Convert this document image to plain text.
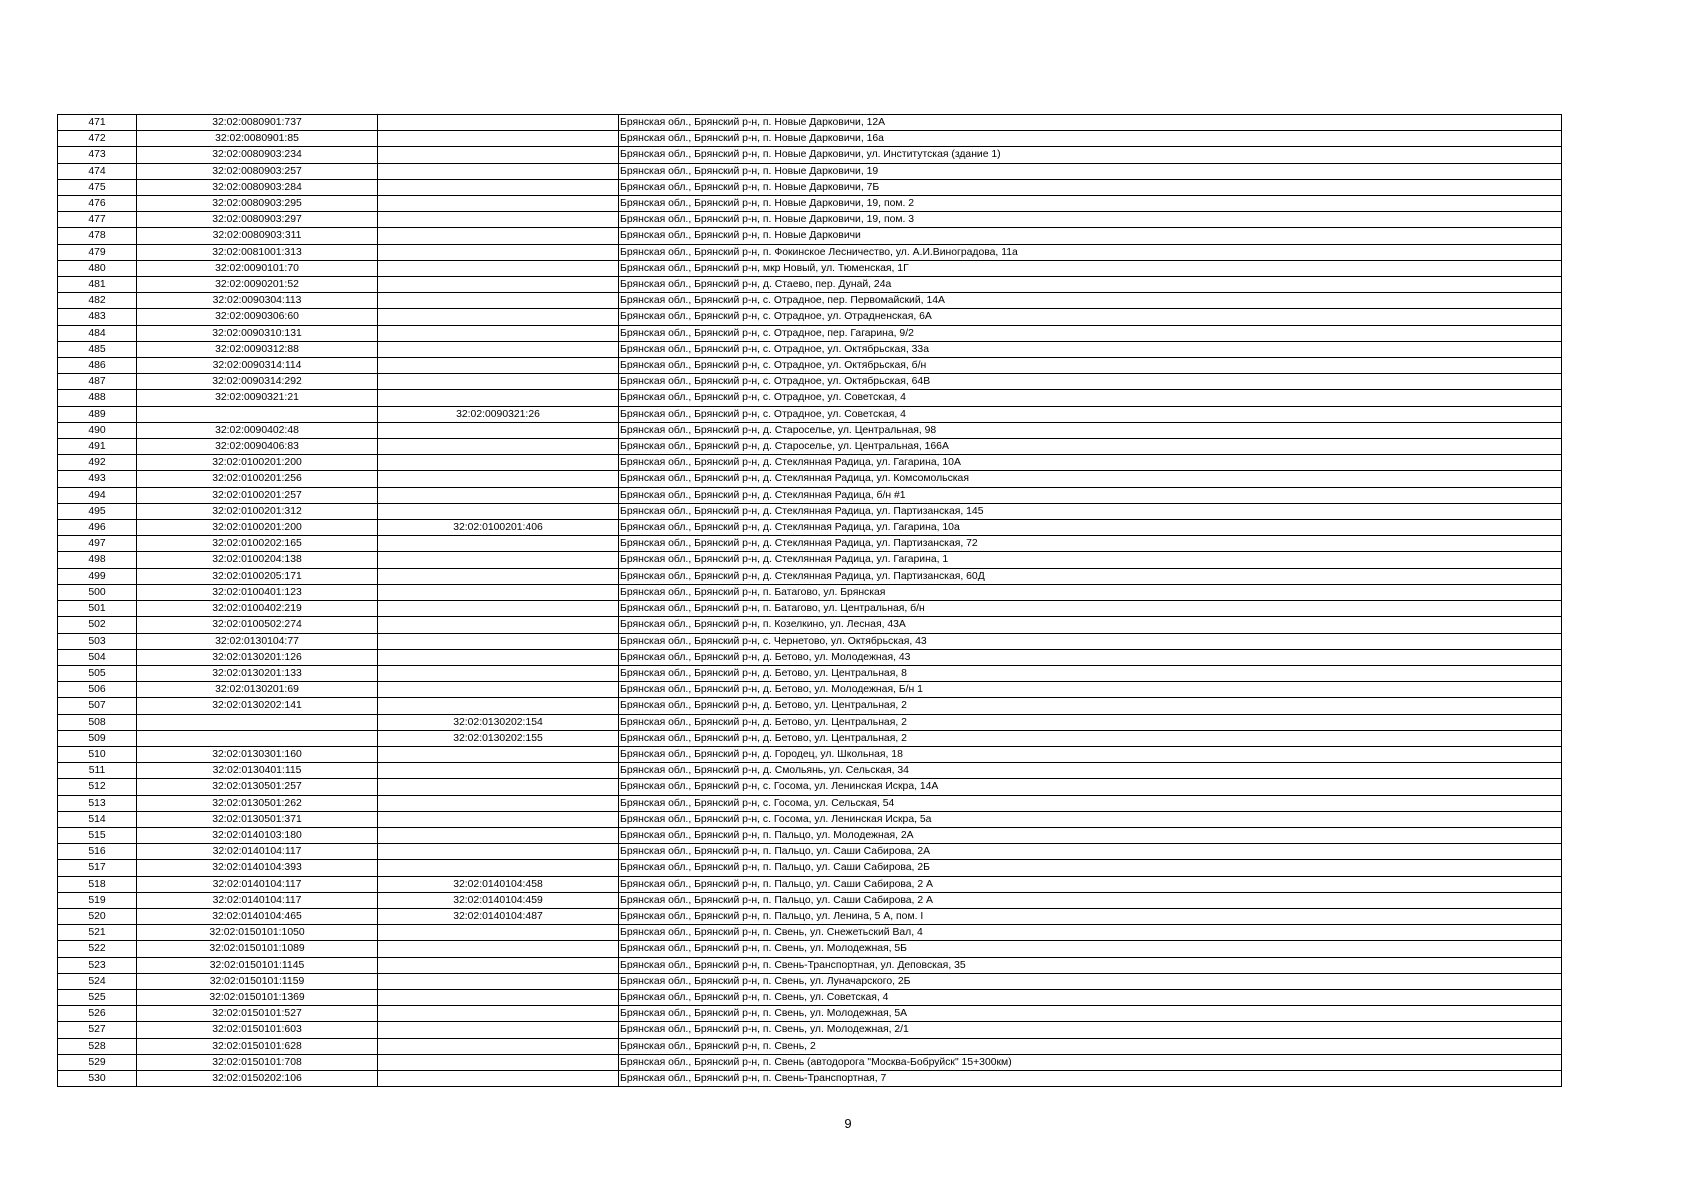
471	32:02:0080901:737		Брянская обл., Брянский р-н, п. Новые Дарковичи, 12А
472	32:02:0080901:85		Брянская обл., Брянский р-н, п. Новые Дарковичи, 16а
473	32:02:0080903:234		Брянская обл., Брянский р-н, п. Новые Дарковичи, ул. Институтская (здание 1)
474	32:02:0080903:257		Брянская обл., Брянский р-н, п. Новые Дарковичи, 19
475	32:02:0080903:284		Брянская обл., Брянский р-н, п. Новые Дарковичи, 7Б
476	32:02:0080903:295		Брянская обл., Брянский р-н, п. Новые Дарковичи, 19, пом. 2
477	32:02:0080903:297		Брянская обл., Брянский р-н, п. Новые Дарковичи, 19, пом. 3
478	32:02:0080903:311		Брянская обл., Брянский р-н, п. Новые Дарковичи
479	32:02:0081001:313		Брянская обл., Брянский р-н, п. Фокинское Лесничество, ул. А.И.Виноградова, 11а
480	32:02:0090101:70		Брянская обл., Брянский р-н, мкр Новый, ул. Тюменская, 1Г
481	32:02:0090201:52		Брянская обл., Брянский р-н, д. Стаево, пер. Дунай, 24а
482	32:02:0090304:113		Брянская обл., Брянский р-н, с. Отрадное, пер. Первомайский, 14А
483	32:02:0090306:60		Брянская обл., Брянский р-н, с. Отрадное, ул. Отрадненская, 6А
484	32:02:0090310:131		Брянская обл., Брянский р-н, с. Отрадное, пер. Гагарина, 9/2
485	32:02:0090312:88		Брянская обл., Брянский р-н, с. Отрадное, ул. Октябрьская, 33а
486	32:02:0090314:114		Брянская обл., Брянский р-н, с. Отрадное, ул. Октябрьская, б/н
487	32:02:0090314:292		Брянская обл., Брянский р-н, с. Отрадное, ул. Октябрьская, 64В
488	32:02:0090321:21		Брянская обл., Брянский р-н, с. Отрадное, ул. Советская, 4
489		32:02:0090321:26	Брянская обл., Брянский р-н, с. Отрадное, ул. Советская, 4
490	32:02:0090402:48		Брянская обл., Брянский р-н, д. Староселье, ул. Центральная, 98
491	32:02:0090406:83		Брянская обл., Брянский р-н, д. Староселье, ул. Центральная, 166А
492	32:02:0100201:200		Брянская обл., Брянский р-н, д. Стеклянная Радица, ул. Гагарина, 10А
493	32:02:0100201:256		Брянская обл., Брянский р-н, д. Стеклянная Радица, ул. Комсомольская
494	32:02:0100201:257		Брянская обл., Брянский р-н, д. Стеклянная Радица, б/н #1
495	32:02:0100201:312		Брянская обл., Брянский р-н, д. Стеклянная Радица, ул. Партизанская, 145
496	32:02:0100201:200	32:02:0100201:406	Брянская обл., Брянский р-н, д. Стеклянная Радица, ул. Гагарина, 10а
497	32:02:0100202:165		Брянская обл., Брянский р-н, д. Стеклянная Радица, ул. Партизанская, 72
498	32:02:0100204:138		Брянская обл., Брянский р-н, д. Стеклянная Радица, ул. Гагарина, 1
499	32:02:0100205:171		Брянская обл., Брянский р-н, д. Стеклянная Радица, ул. Партизанская, 60Д
500	32:02:0100401:123		Брянская обл., Брянский р-н, п. Батагово, ул. Брянская
501	32:02:0100402:219		Брянская обл., Брянский р-н, п. Батагово, ул. Центральная, б/н
502	32:02:0100502:274		Брянская обл., Брянский р-н, п. Козелкино, ул. Лесная, 43А
503	32:02:0130104:77		Брянская обл., Брянский р-н, с. Чернетово, ул. Октябрьская, 43
504	32:02:0130201:126		Брянская обл., Брянский р-н, д. Бетово, ул. Молодежная, 43
505	32:02:0130201:133		Брянская обл., Брянский р-н, д. Бетово, ул. Центральная, 8
506	32:02:0130201:69		Брянская обл., Брянский р-н, д. Бетово, ул. Молодежная, Б/н 1
507	32:02:0130202:141		Брянская обл., Брянский р-н, д. Бетово, ул. Центральная, 2
508		32:02:0130202:154	Брянская обл., Брянский р-н, д. Бетово, ул. Центральная, 2
509		32:02:0130202:155	Брянская обл., Брянский р-н, д. Бетово, ул. Центральная, 2
510	32:02:0130301:160		Брянская обл., Брянский р-н, д. Городец, ул. Школьная, 18
511	32:02:0130401:115		Брянская обл., Брянский р-н, д. Смольянь, ул. Сельская, 34
512	32:02:0130501:257		Брянская обл., Брянский р-н, с. Госома, ул. Ленинская Искра, 14А
513	32:02:0130501:262		Брянская обл., Брянский р-н, с. Госома, ул. Сельская, 54
514	32:02:0130501:371		Брянская обл., Брянский р-н, с. Госома, ул. Ленинская Искра, 5а
515	32:02:0140103:180		Брянская обл., Брянский р-н, п. Пальцо, ул. Молодежная, 2А
516	32:02:0140104:117		Брянская обл., Брянский р-н, п. Пальцо, ул. Саши Сабирова, 2А
517	32:02:0140104:393		Брянская обл., Брянский р-н, п. Пальцо, ул. Саши Сабирова, 2Б
518	32:02:0140104:117	32:02:0140104:458	Брянская обл., Брянский р-н, п. Пальцо, ул. Саши Сабирова, 2 А
519	32:02:0140104:117	32:02:0140104:459	Брянская обл., Брянский р-н, п. Пальцо, ул. Саши Сабирова, 2 А
520	32:02:0140104:465	32:02:0140104:487	Брянская обл., Брянский р-н, п. Пальцо, ул. Ленина, 5 А, пом. I
521	32:02:0150101:1050		Брянская обл., Брянский р-н, п. Свень, ул. Снежетьский Вал, 4
522	32:02:0150101:1089		Брянская обл., Брянский р-н, п. Свень, ул. Молодежная, 5Б
523	32:02:0150101:1145		Брянская обл., Брянский р-н, п. Свень-Транспортная, ул. Деповская, 35
524	32:02:0150101:1159		Брянская обл., Брянский р-н, п. Свень, ул. Луначарского, 2Б
525	32:02:0150101:1369		Брянская обл., Брянский р-н, п. Свень, ул. Советская, 4
526	32:02:0150101:527		Брянская обл., Брянский р-н, п. Свень, ул. Молодежная, 5А
527	32:02:0150101:603		Брянская обл., Брянский р-н, п. Свень, ул. Молодежная, 2/1
528	32:02:0150101:628		Брянская обл., Брянский р-н, п. Свень, 2
529	32:02:0150101:708		Брянская обл., Брянский р-н, п. Свень (автодорога "Москва-Бобруйск" 15+300км)
530	32:02:0150202:106		Брянская обл., Брянский р-н, п. Свень-Транспортная, 7
9
